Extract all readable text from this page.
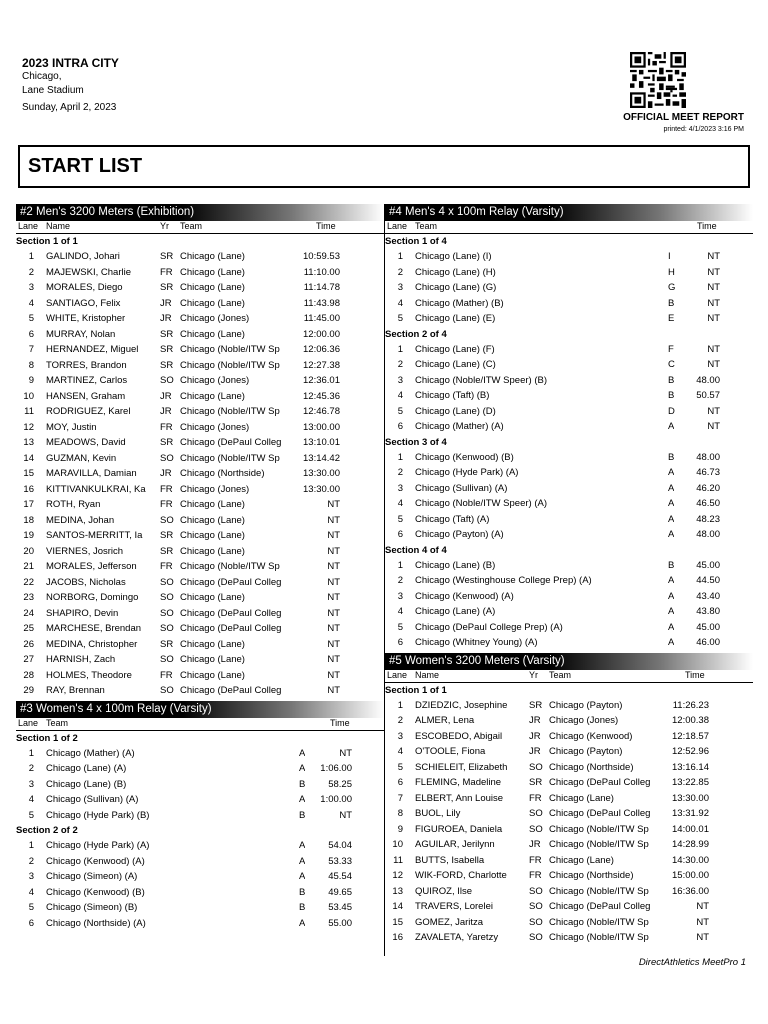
2023 INTRA CITY
Chicago,
Lane Stadium
Sunday, April 2, 2023
OFFICIAL MEET REPORT
printed: 4/1/2023 3:16 PM
START LIST
#2 Men's 3200 Meters (Exhibition)
Lane Name	Yr Team	Time
Section 1 of 1
1 GALINDO, Johari	SR Chicago (Lane)	10:59.53
2 MAJEWSKI, Charlie	FR Chicago (Lane)	11:10.00
3 MORALES, Diego	SR Chicago (Lane)	11:14.78
4 SANTIAGO, Felix	JR Chicago (Lane)	11:43.98
5 WHITE, Kristopher	JR Chicago (Jones)	11:45.00
6 MURRAY, Nolan	SR Chicago (Lane)	12:00.00
7 HERNANDEZ, Miguel	SR Chicago (Noble/ITW Sp	12:06.36
8 TORRES, Brandon	SR Chicago (Noble/ITW Sp	12:27.38
9 MARTINEZ, Carlos	SO Chicago (Jones)	12:36.01
10 HANSEN, Graham	JR Chicago (Lane)	12:45.36
11 RODRIGUEZ, Karel	JR Chicago (Noble/ITW Sp	12:46.78
12 MOY, Justin	FR Chicago (Jones)	13:00.00
13 MEADOWS, David	SR Chicago (DePaul Colleg	13:10.01
14 GUZMAN, Kevin	SO Chicago (Noble/ITW Sp	13:14.42
15 MARAVILLA, Damian	JR Chicago (Northside)	13:30.00
16 KITTIVANKULKRAI, Ka	FR Chicago (Jones)	13:30.00
17 ROTH, Ryan	FR Chicago (Lane)	NT
18 MEDINA, Johan	SO Chicago (Lane)	NT
19 SANTOS-MERRITT, Ia	SR Chicago (Lane)	NT
20 VIERNES, Josrich	SR Chicago (Lane)	NT
21 MORALES, Jefferson	FR Chicago (Noble/ITW Sp	NT
22 JACOBS, Nicholas	SO Chicago (DePaul Colleg	NT
23 NORBORG, Domingo	SO Chicago (Lane)	NT
24 SHAPIRO, Devin	SO Chicago (DePaul Colleg	NT
25 MARCHESE, Brendan	SO Chicago (DePaul Colleg	NT
26 MEDINA, Christopher	SR Chicago (Lane)	NT
27 HARNISH, Zach	SO Chicago (Lane)	NT
28 HOLMES, Theodore	FR Chicago (Lane)	NT
29 RAY, Brennan	SO Chicago (DePaul Colleg	NT
#3 Women's 4 x 100m Relay (Varsity)
Lane Team	Time
Section 1 of 2
1 Chicago (Mather) (A)	A	NT
2 Chicago (Lane) (A)	A	1:06.00
3 Chicago (Lane) (B)	B	58.25
4 Chicago (Sullivan) (A)	A	1:00.00
5 Chicago (Hyde Park) (B)	B	NT
Section 2 of 2
1 Chicago (Hyde Park) (A)	A	54.04
2 Chicago (Kenwood) (A)	A	53.33
3 Chicago (Simeon) (A)	A	45.54
4 Chicago (Kenwood) (B)	B	49.65
5 Chicago (Simeon) (B)	B	53.45
6 Chicago (Northside) (A)	A	55.00
#4 Men's 4 x 100m Relay (Varsity)
Lane Team	Time
Section 1 of 4
1 Chicago (Lane) (I)	I	NT
2 Chicago (Lane) (H)	H	NT
3 Chicago (Lane) (G)	G	NT
4 Chicago (Mather) (B)	B	NT
5 Chicago (Lane) (E)	E	NT
Section 2 of 4
1 Chicago (Lane) (F)	F	NT
2 Chicago (Lane) (C)	C	NT
3 Chicago (Noble/ITW Speer) (B)	B	48.00
4 Chicago (Taft) (B)	B	50.57
5 Chicago (Lane) (D)	D	NT
6 Chicago (Mather) (A)	A	NT
Section 3 of 4
1 Chicago (Kenwood) (B)	B	48.00
2 Chicago (Hyde Park) (A)	A	46.73
3 Chicago (Sullivan) (A)	A	46.20
4 Chicago (Noble/ITW Speer) (A)	A	46.50
5 Chicago (Taft) (A)	A	48.23
6 Chicago (Payton) (A)	A	48.00
Section 4 of 4
1 Chicago (Lane) (B)	B	45.00
2 Chicago (Westinghouse College Prep) (A)	A	44.50
3 Chicago (Kenwood) (A)	A	43.40
4 Chicago (Lane) (A)	A	43.80
5 Chicago (DePaul College Prep) (A)	A	45.00
6 Chicago (Whitney Young) (A)	A	46.00
#5 Women's 3200 Meters (Varsity)
Lane Name	Yr Team	Time
Section 1 of 1
1 DZIEDZIC, Josephine	SR Chicago (Payton)	11:26.23
2 ALMER, Lena	JR Chicago (Jones)	12:00.38
3 ESCOBEDO, Abigail	JR Chicago (Kenwood)	12:18.57
4 O'TOOLE, Fiona	JR Chicago (Payton)	12:52.96
5 SCHIELEIT, Elizabeth	SO Chicago (Northside)	13:16.14
6 FLEMING, Madeline	SR Chicago (DePaul Colleg	13:22.85
7 ELBERT, Ann Louise	FR Chicago (Lane)	13:30.00
8 BUOL, Lily	SO Chicago (DePaul Colleg	13:31.92
9 FIGUROEA, Daniela	SO Chicago (Noble/ITW Sp	14:00.01
10 AGUILAR, Jerilynn	JR Chicago (Noble/ITW Sp	14:28.99
11 BUTTS, Isabella	FR Chicago (Lane)	14:30.00
12 WIK-FORD, Charlotte	FR Chicago (Northside)	15:00.00
13 QUIROZ, Ilse	SO Chicago (Noble/ITW Sp	16:36.00
14 TRAVERS, Lorelei	SO Chicago (DePaul Colleg	NT
15 GOMEZ, Jaritza	SO Chicago (Noble/ITW Sp	NT
16 ZAVALETA, Yaretzy	SO Chicago (Noble/ITW Sp	NT
DirectAthletics MeetPro 1
